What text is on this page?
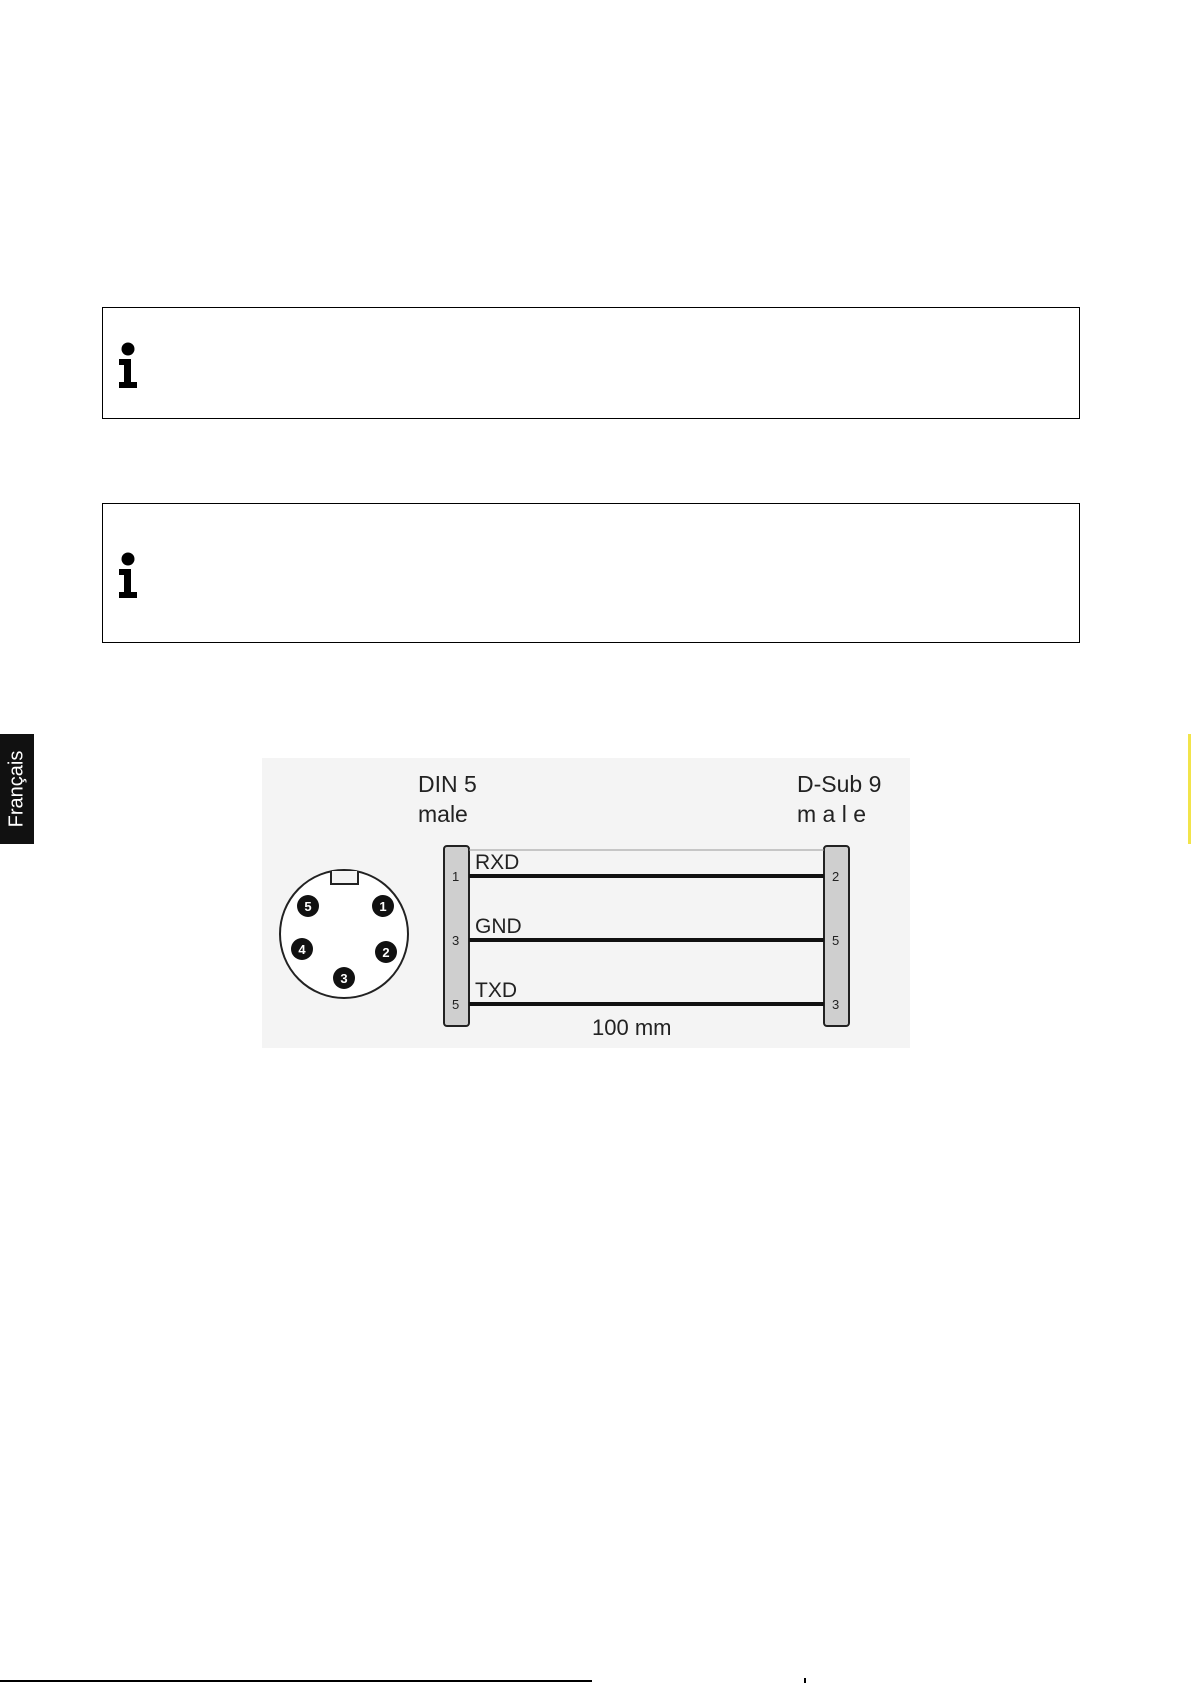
Français	DIN 5
male
D-Sub 9
m a l e
5	1
4	2
3
RXD
GND
TXD
1
3
5
2
5
3
100 mm
